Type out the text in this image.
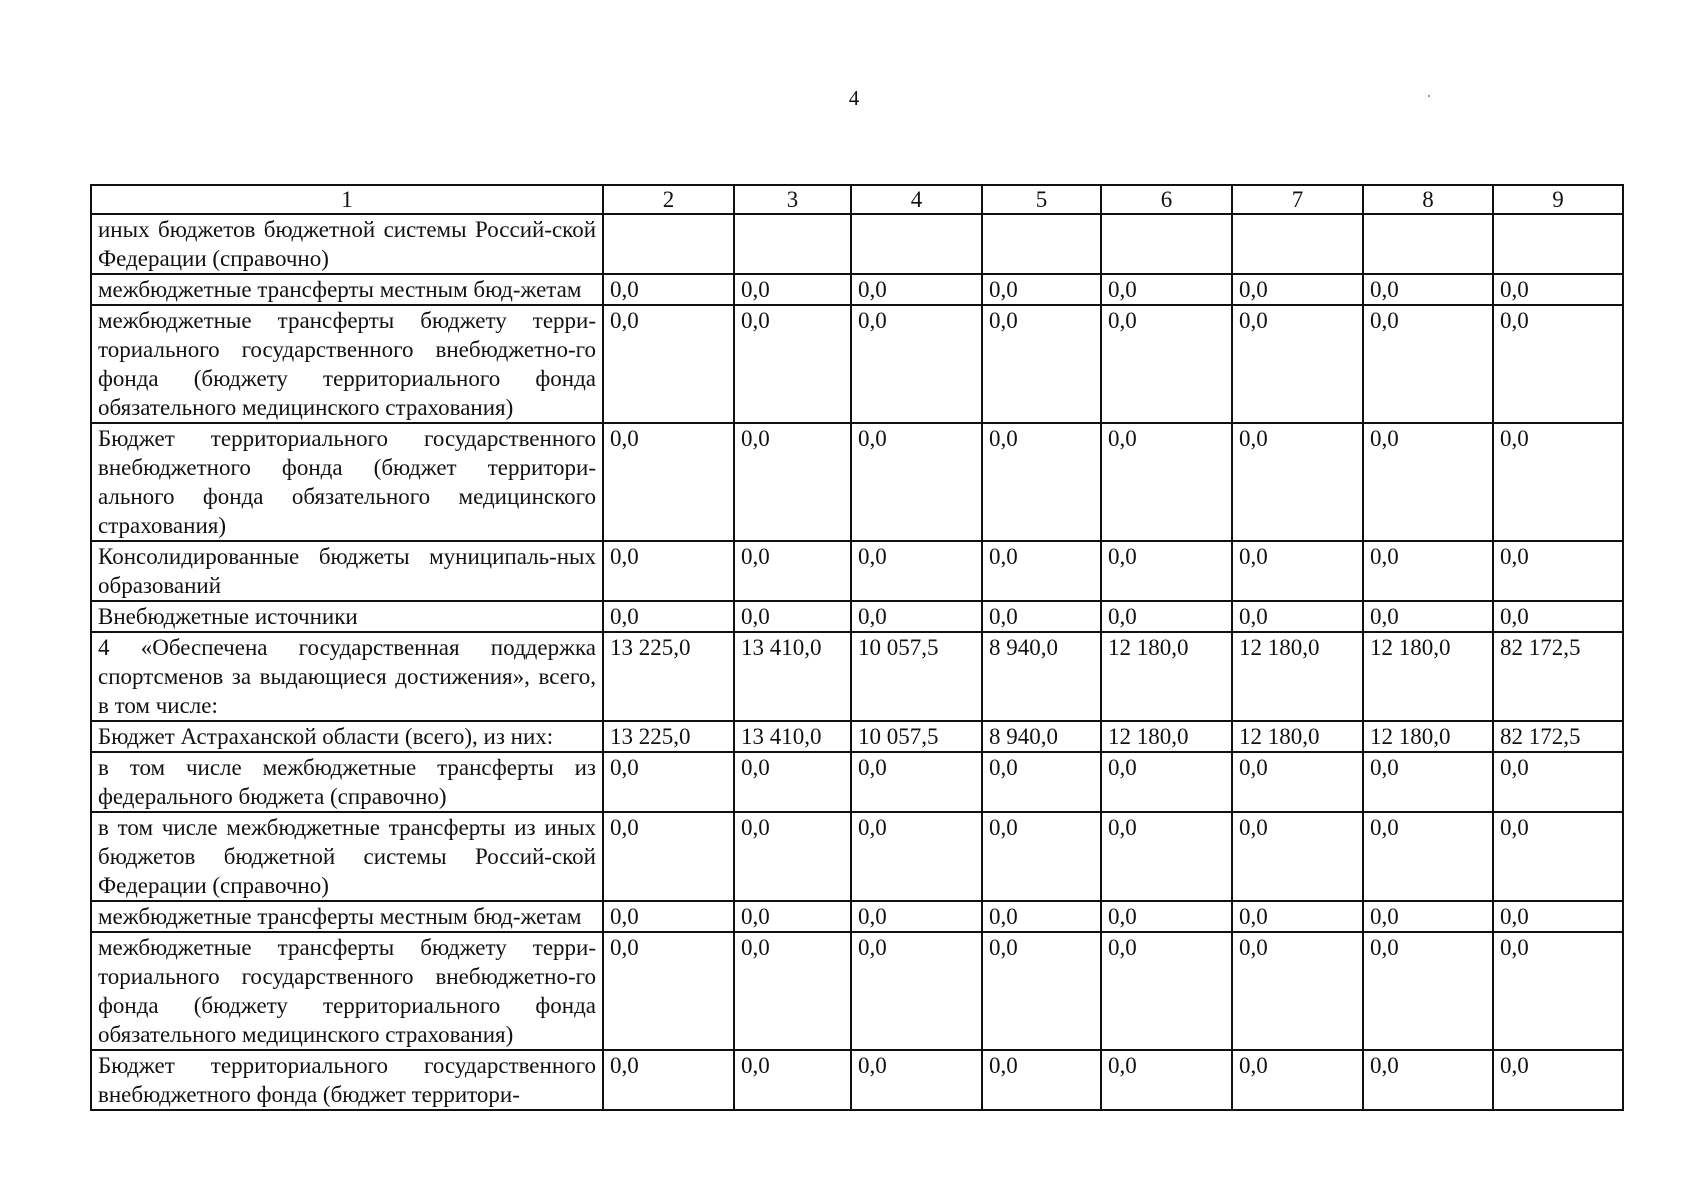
4
1	2	3	4	5	6	7	8	9
иных бюджетов бюджетной системы Россий-ской Федерации (справочно)								
межбюджетные трансферты местным бюд-жетам	0,0	0,0	0,0	0,0	0,0	0,0	0,0	0,0
межбюджетные трансферты бюджету терри-ториального государственного внебюджетно-го фонда (бюджету территориального фонда обязательного медицинского страхования)	0,0	0,0	0,0	0,0	0,0	0,0	0,0	0,0
Бюджет территориального государственного внебюджетного фонда (бюджет территори-ального фонда обязательного медицинского страхования)	0,0	0,0	0,0	0,0	0,0	0,0	0,0	0,0
Консолидированные бюджеты муниципаль-ных образований	0,0	0,0	0,0	0,0	0,0	0,0	0,0	0,0
Внебюджетные источники	0,0	0,0	0,0	0,0	0,0	0,0	0,0	0,0
4 «Обеспечена государственная поддержка спортсменов за выдающиеся достижения», всего, в том числе:	13 225,0	13 410,0	10 057,5	8 940,0	12 180,0	12 180,0	12 180,0	82 172,5
Бюджет Астраханской области (всего), из них:	13 225,0	13 410,0	10 057,5	8 940,0	12 180,0	12 180,0	12 180,0	82 172,5
в том числе межбюджетные трансферты из федерального бюджета (справочно)	0,0	0,0	0,0	0,0	0,0	0,0	0,0	0,0
в том числе межбюджетные трансферты из иных бюджетов бюджетной системы Россий-ской Федерации (справочно)	0,0	0,0	0,0	0,0	0,0	0,0	0,0	0,0
межбюджетные трансферты местным бюд-жетам	0,0	0,0	0,0	0,0	0,0	0,0	0,0	0,0
межбюджетные трансферты бюджету терри-ториального государственного внебюджетно-го фонда (бюджету территориального фонда обязательного медицинского страхования)	0,0	0,0	0,0	0,0	0,0	0,0	0,0	0,0
Бюджет территориального государственного внебюджетного фонда (бюджет территори-	0,0	0,0	0,0	0,0	0,0	0,0	0,0	0,0
